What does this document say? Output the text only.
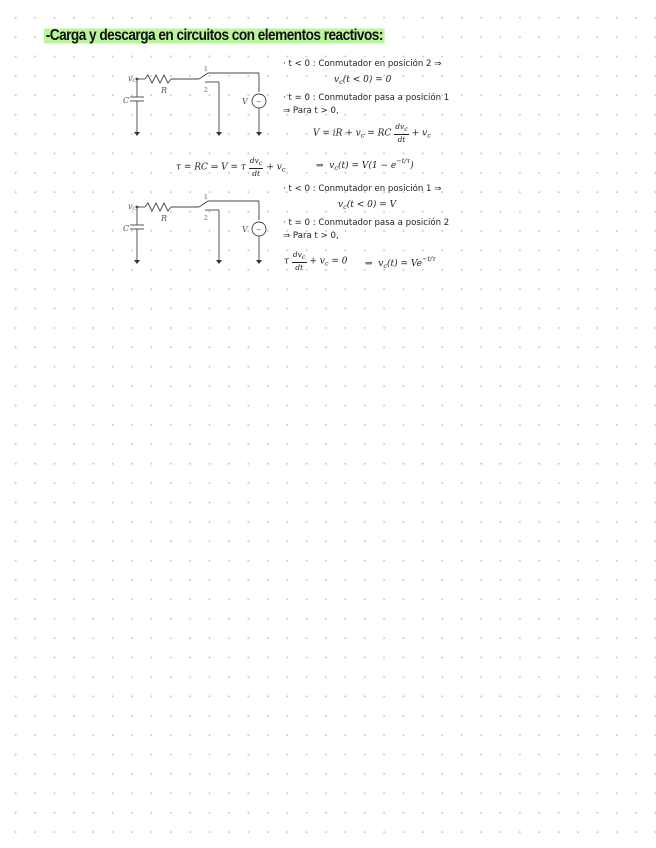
-Carga y descarga en circuitos con elementos reactivos:
vC
R
C	V
1
2
−
vC
R
C	V
1
2
−
· t < 0 : Conmutador en posición 2 ⇒
$v_c(t < 0) = 0$
· t = 0 : Conmutador pasa a posición 1
⇒ Para t > 0,
V = iR + $v_c$ = RC $\frac{\text{dvc}}{dt} + v_c$
τ = RC ⇒ V = τ $\frac{\text{dvc}}{dt} + v_c$	⇒  $v_c(t) = V(1 - e^{-t/\tau})$
· t < 0 : Conmutador en posición 1 ⇒
$v_c(t < 0) = V$
· t = 0 : Conmutador pasa a posición 2
⇒ Para t > 0,
τ $\frac{\text{dvc}}{dt} + v_c = 0$ ⇒  $v_c(t) = Ve^{-t/\tau}$
